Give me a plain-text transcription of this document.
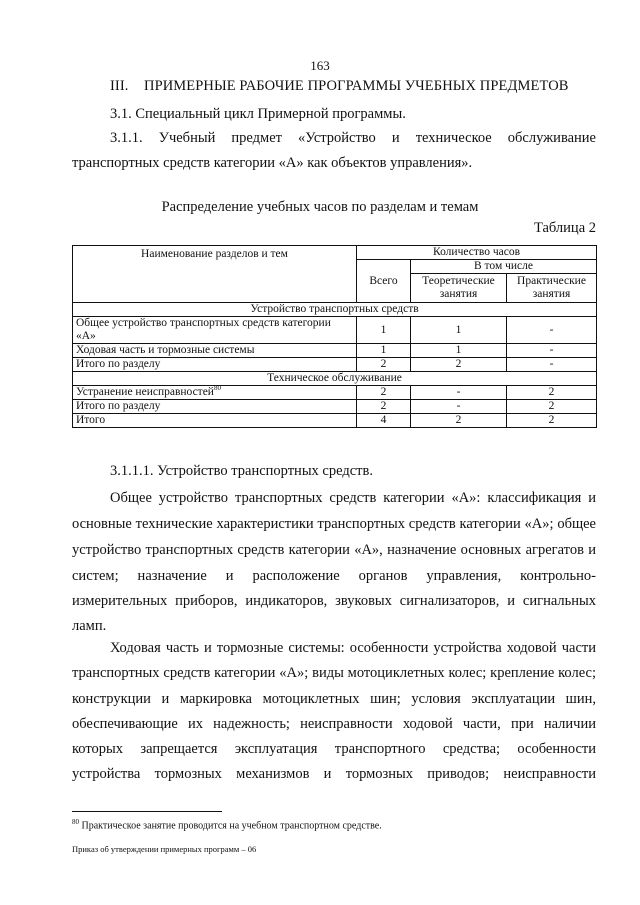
163
III. ПРИМЕРНЫЕ РАБОЧИЕ ПРОГРАММЫ УЧЕБНЫХ ПРЕДМЕТОВ
3.1. Специальный цикл Примерной программы.
3.1.1. Учебный предмет «Устройство и техническое обслуживание
транспортных средств категории «A» как объектов управления».
Распределение учебных часов по разделам и темам
Таблица 2
Наименование разделов и тем	Количество часов		
	Всего	В том числе	
		Теоретические занятия	Практические занятия
Устройство транспортных средств			
Общее устройство транспортных средств категории «A»	1	1	-
Ходовая часть и тормозные системы	1	1	-
Итого по разделу	2	2	-
Техническое обслуживание			
Устранение неисправностей$^{80}$	2	-	2
Итого по разделу	2	-	2
Итого	4	2	2
3.1.1.1. Устройство транспортных средств.
Общее устройство транспортных средств категории «A»: классификация и
основные технические характеристики транспортных средств категории «A»; общее
устройство транспортных средств категории «A», назначение основных агрегатов и
систем; назначение и расположение органов управления, контрольно-
измерительных приборов, индикаторов, звуковых сигнализаторов, и сигнальных
ламп.
Ходовая часть и тормозные системы: особенности устройства ходовой части
транспортных средств категории «A»; виды мотоциклетных колес; крепление колес;
конструкции и маркировка мотоциклетных шин; условия эксплуатации шин,
обеспечивающие их надежность; неисправности ходовой части, при наличии
которых запрещается эксплуатация транспортного средства; особенности
устройства тормозных механизмов и тормозных приводов; неисправности
$^{80}$ Практическое занятие проводится на учебном транспортном средстве.
Приказ об утверждении примерных программ – 06
